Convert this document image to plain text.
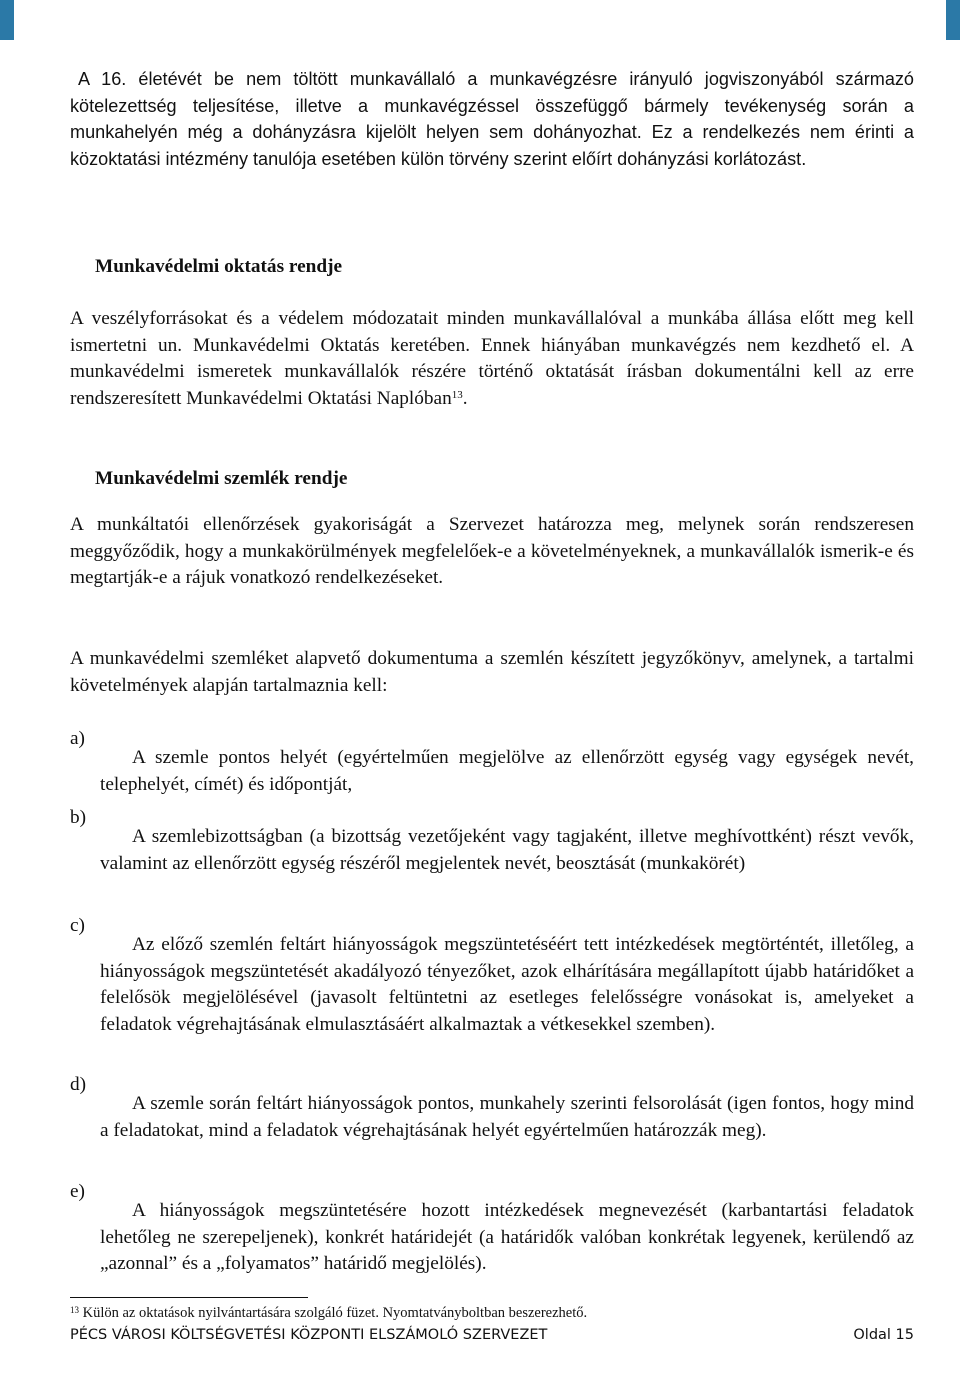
A 16. életévét be nem töltött munkavállaló a munkavégzésre irányuló jogviszonyából származó kötelezettség teljesítése, illetve a munkavégzéssel összefüggő bármely tevékenység során a munkahelyén még a dohányzásra kijelölt helyen sem dohányozhat. Ez a rendelkezés nem érinti a közoktatási intézmény tanulója esetében külön törvény szerint előírt dohányzási korlátozást.

Munkavédelmi oktatás rendje

A veszélyforrásokat és a védelem módozatait minden munkavállalóval a munkába állása előtt meg kell ismertetni un. Munkavédelmi Oktatás keretében. Ennek hiányában munkavégzés nem kezdhető el. A munkavédelmi ismeretek munkavállalók részére történő oktatását írásban dokumentálni kell az erre rendszeresített Munkavédelmi Oktatási Naplóban$^{13}$.

Munkavédelmi szemlék rendje

A munkáltatói ellenőrzések gyakoriságát a Szervezet határozza meg, melynek során rendszeresen meggyőződik, hogy a munkakörülmények megfelelőek-e a követelményeknek, a munkavállalók ismerik-e és megtartják-e a rájuk vonatkozó rendelkezéseket.

A munkavédelmi szemléket alapvető dokumentuma a szemlén készített jegyzőkönyv, amelynek, a tartalmi követelmények alapján tartalmaznia kell:

a)

A szemle pontos helyét (egyértelműen megjelölve az ellenőrzött egység vagy egységek nevét, telephelyét, címét) és időpontját,

b)

A szemlebizottságban (a bizottság vezetőjeként vagy tagjaként, illetve meghívottként) részt vevők, valamint az ellenőrzött egység részéről megjelentek nevét, beosztását (munkakörét)

c)

Az előző szemlén feltárt hiányosságok megszüntetéséért tett intézkedések megtörténtét, illetőleg, a hiányosságok megszüntetését akadályozó tényezőket, azok elhárítására megállapított újabb határidőket a felelősök megjelölésével (javasolt feltüntetni az esetleges felelősségre vonásokat is, amelyeket a feladatok végrehajtásának elmulasztásáért alkalmaztak a vétkesekkel szemben).

d)

A szemle során feltárt hiányosságok pontos, munkahely szerinti felsorolását (igen fontos, hogy mind a feladatokat, mind a feladatok végrehajtásának helyét egyértelműen határozzák meg).

e)

A hiányosságok megszüntetésére hozott intézkedések megnevezését (karbantartási feladatok lehetőleg ne szerepeljenek), konkrét határidejét (a határidők valóban konkrétak legyenek, kerülendő az „azonnal” és a „folyamatos” határidő megjelölés).

$^{13}$ Külön az oktatások nyilvántartására szolgáló füzet. Nyomtatványboltban beszerezhető.
PÉCS VÁROSI KÖLTSÉGVETÉSI KÖZPONTI ELSZÁMOLÓ SZERVEZET	Oldal 15
